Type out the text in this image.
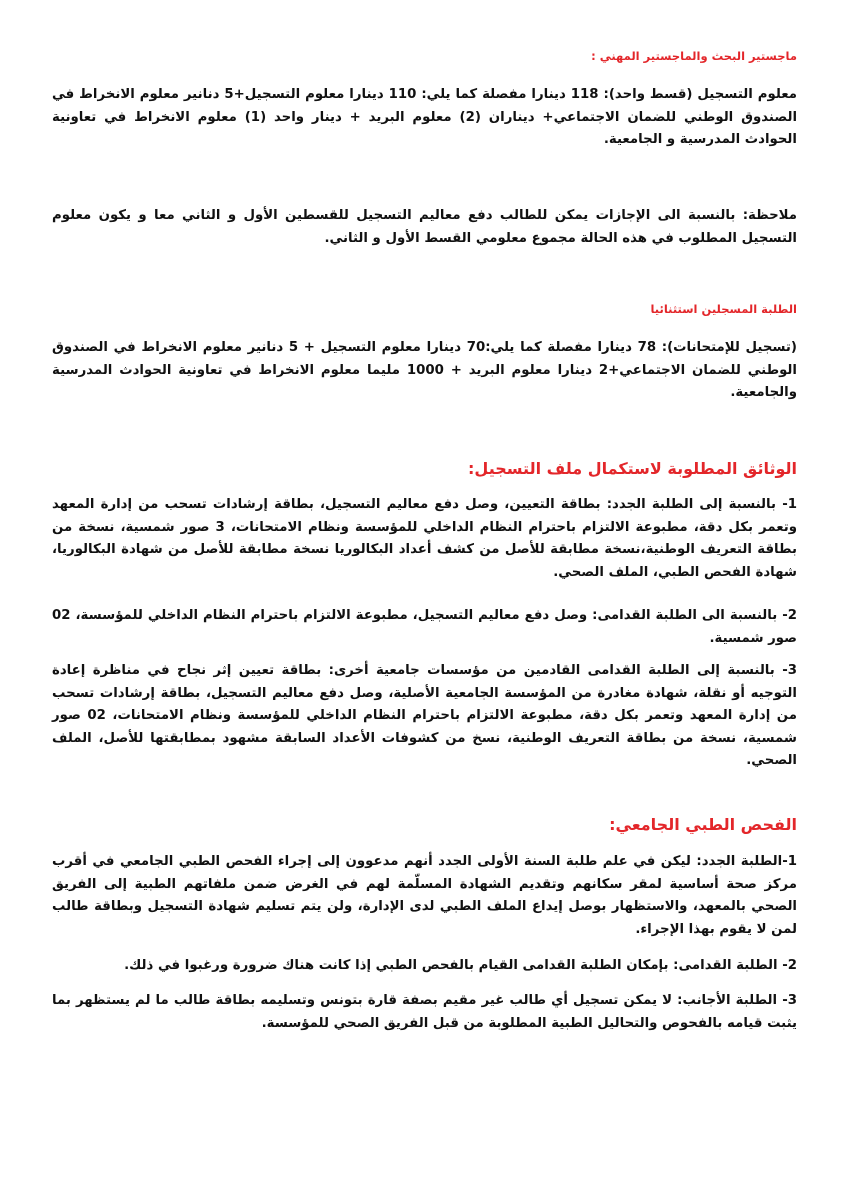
ماجستير البحث والماجستير المهني :

معلوم التسجيل (قسط واحد): 118 دينارا مفصلة كما يلي: 110 دينارا معلوم التسجيل+5 دنانير معلوم الانخراط في الصندوق الوطني للضمان الاجتماعي+ ديناران (2) معلوم البريد + دينار واحد (1) معلوم الانخراط في تعاونية الحوادث المدرسية و الجامعية.

ملاحظة: بالنسبة الى الإجازات يمكن للطالب دفع معاليم التسجيل للقسطين الأول و الثاني معا و يكون معلوم التسجيل المطلوب في هذه الحالة مجموع معلومي القسط الأول و الثاني.

الطلبة المسجلين استثنائيا

(تسجيل للإمتحانات): 78 دينارا مفصلة كما يلي:70 دينارا معلوم التسجيل + 5 دنانير معلوم الانخراط في الصندوق الوطني للضمان الاجتماعي+2 دينارا معلوم البريد + 1000 مليما معلوم الانخراط في تعاونية الحوادث المدرسية والجامعية.

الوثائق المطلوبة لاستكمال ملف التسجيل:

1- بالنسبة إلى الطلبة الجدد: بطاقة التعيين، وصل دفع معاليم التسجيل، بطاقة إرشادات تسحب من إدارة المعهد وتعمر بكل دقة، مطبوعة الالتزام باحترام النظام الداخلي للمؤسسة ونظام الامتحانات، 3 صور شمسية، نسخة من بطاقة التعريف الوطنية،نسخة مطابقة للأصل من كشف أعداد البكالوريا نسخة مطابقة للأصل من شهادة البكالوريا، شهادة الفحص الطبي، الملف الصحي.

2- بالنسبة الى الطلبة القدامى: وصل دفع معاليم التسجيل، مطبوعة الالتزام باحترام النظام الداخلي للمؤسسة، 02 صور شمسية.

3- بالنسبة إلى الطلبة القدامى القادمين من مؤسسات جامعية أخرى: بطاقة تعيين إثر نجاح في مناظرة إعادة التوجيه أو نقلة، شهادة مغادرة من المؤسسة الجامعية الأصلية، وصل دفع معاليم التسجيل، بطاقة إرشادات تسحب من إدارة المعهد وتعمر بكل دقة، مطبوعة الالتزام باحترام النظام الداخلي للمؤسسة ونظام الامتحانات، 02 صور شمسية، نسخة من بطاقة التعريف الوطنية، نسخ من كشوفات الأعداد السابقة مشهود بمطابقتها للأصل، الملف الصحي.

الفحص الطبي الجامعي:

1-الطلبة الجدد: ليكن في علم طلبة السنة الأولى الجدد أنهم مدعوون إلى إجراء الفحص الطبي الجامعي في أقرب مركز صحة أساسية لمقر سكانهم وتقديم الشهادة المسلّمة لهم في الغرض ضمن ملفاتهم الطبية إلى الفريق الصحي بالمعهد، والاستظهار بوصل إيداع الملف الطبي لدى الإدارة، ولن يتم تسليم شهادة التسجيل وبطاقة طالب لمن لا يقوم بهذا الإجراء.

2- الطلبة القدامى: بإمكان الطلبة القدامى القيام بالفحص الطبي إذا كانت هناك ضرورة ورغبوا في ذلك.

3- الطلبة الأجانب: لا يمكن تسجيل أي طالب غير مقيم بصفة قارة بتونس وتسليمه بطاقة طالب ما لم يستظهر بما يثبت قيامه بالفحوص والتحاليل الطبية المطلوبة من قبل الفريق الصحي للمؤسسة.
